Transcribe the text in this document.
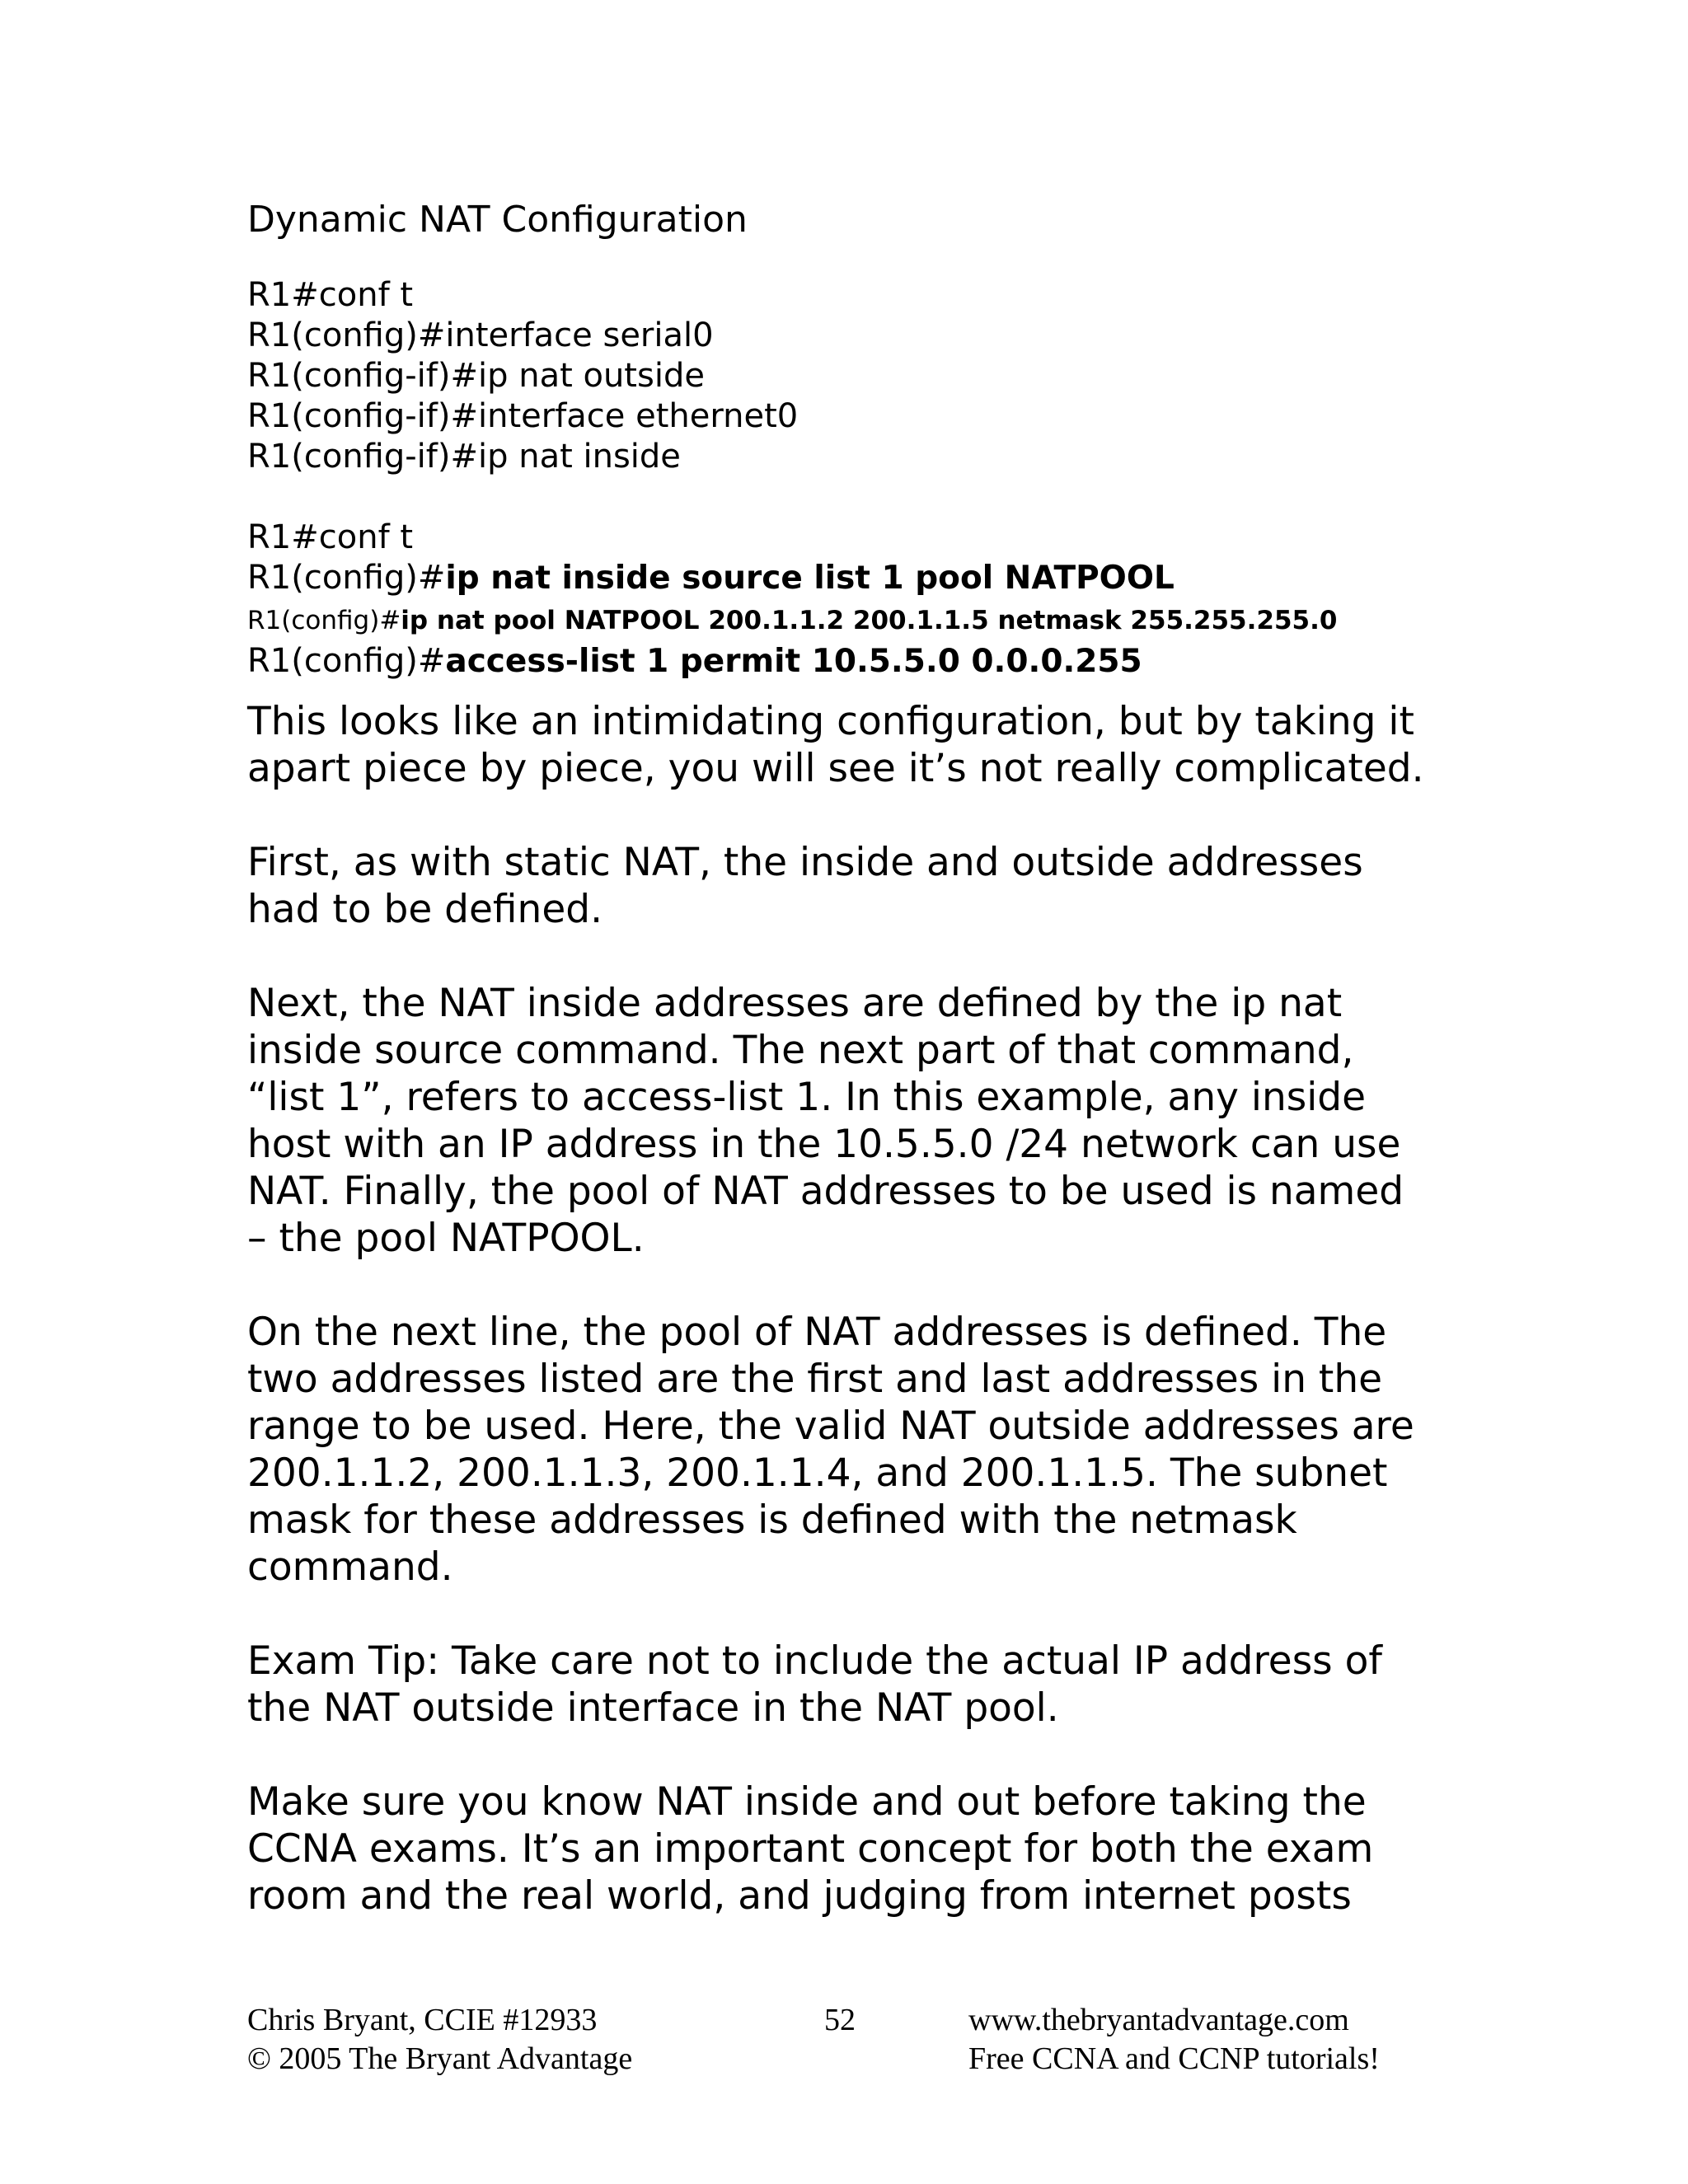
Dynamic NAT Configuration
R1#conf t
R1(config)#interface serial0
R1(config-if)#ip nat outside
R1(config-if)#interface ethernet0
R1(config-if)#ip nat inside
R1#conf t
R1(config)#ip nat inside source list 1 pool NATPOOL
R1(config)#ip nat pool NATPOOL 200.1.1.2 200.1.1.5 netmask 255.255.255.0
R1(config)#access-list 1 permit 10.5.5.0 0.0.0.255

This looks like an intimidating configuration, but by taking it
apart piece by piece, you will see it’s not really complicated.

First, as with static NAT, the inside and outside addresses
had to be defined.

Next, the NAT inside addresses are defined by the ip nat
inside source command. The next part of that command,
“list 1”, refers to access-list 1. In this example, any inside
host with an IP address in the 10.5.5.0 /24 network can use
NAT. Finally, the pool of NAT addresses to be used is named
– the pool NATPOOL.

On the next line, the pool of NAT addresses is defined. The
two addresses listed are the first and last addresses in the
range to be used. Here, the valid NAT outside addresses are
200.1.1.2, 200.1.1.3, 200.1.1.4, and 200.1.1.5. The subnet
mask for these addresses is defined with the netmask
command.

Exam Tip: Take care not to include the actual IP address of
the NAT outside interface in the NAT pool.

Make sure you know NAT inside and out before taking the
CCNA exams. It’s an important concept for both the exam
room and the real world, and judging from internet posts

Chris Bryant, CCIE #12933
© 2005 The Bryant Advantage
52	www.thebryantadvantage.com
Free CCNA and CCNP tutorials!
